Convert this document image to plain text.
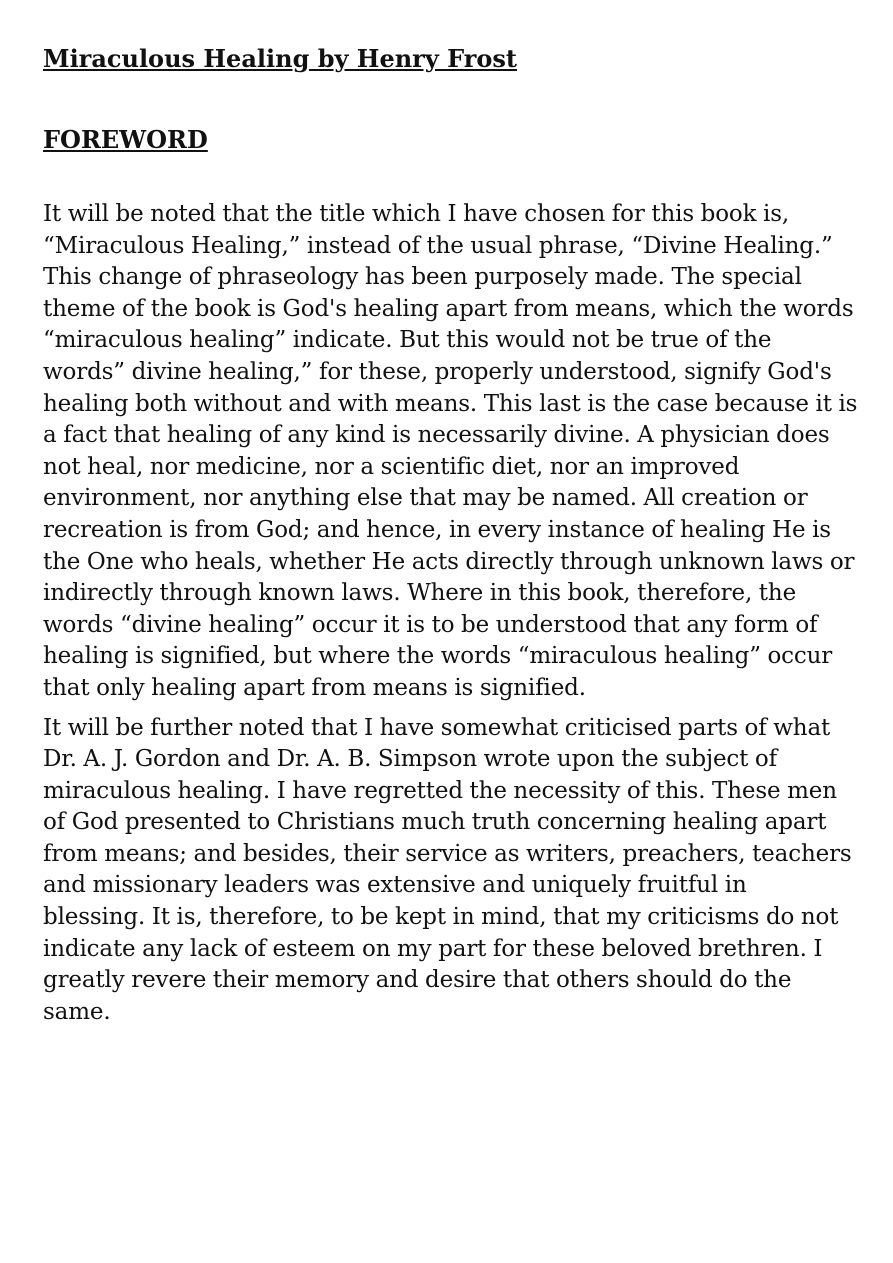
Miraculous Healing by Henry Frost
FOREWORD

It will be noted that the title which I have chosen for this book is,
“Miraculous Healing,” instead of the usual phrase, “Divine Healing.”
This change of phraseology has been purposely made. The special
theme of the book is God's healing apart from means, which the words
“miraculous healing” indicate. But this would not be true of the
words” divine healing,” for these, properly understood, signify God's
healing both without and with means. This last is the case because it is
a fact that healing of any kind is necessarily divine. A physician does
not heal, nor medicine, nor a scientific diet, nor an improved
environment, nor anything else that may be named. All creation or
recreation is from God; and hence, in every instance of healing He is
the One who heals, whether He acts directly through unknown laws or
indirectly through known laws. Where in this book, therefore, the
words “divine healing” occur it is to be understood that any form of
healing is signified, but where the words “miraculous healing” occur
that only healing apart from means is signified.

It will be further noted that I have somewhat criticised parts of what
Dr. A. J. Gordon and Dr. A. B. Simpson wrote upon the subject of
miraculous healing. I have regretted the necessity of this. These men
of God presented to Christians much truth concerning healing apart
from means; and besides, their service as writers, preachers, teachers
and missionary leaders was extensive and uniquely fruitful in
blessing. It is, therefore, to be kept in mind, that my criticisms do not
indicate any lack of esteem on my part for these beloved brethren. I
greatly revere their memory and desire that others should do the
same.
